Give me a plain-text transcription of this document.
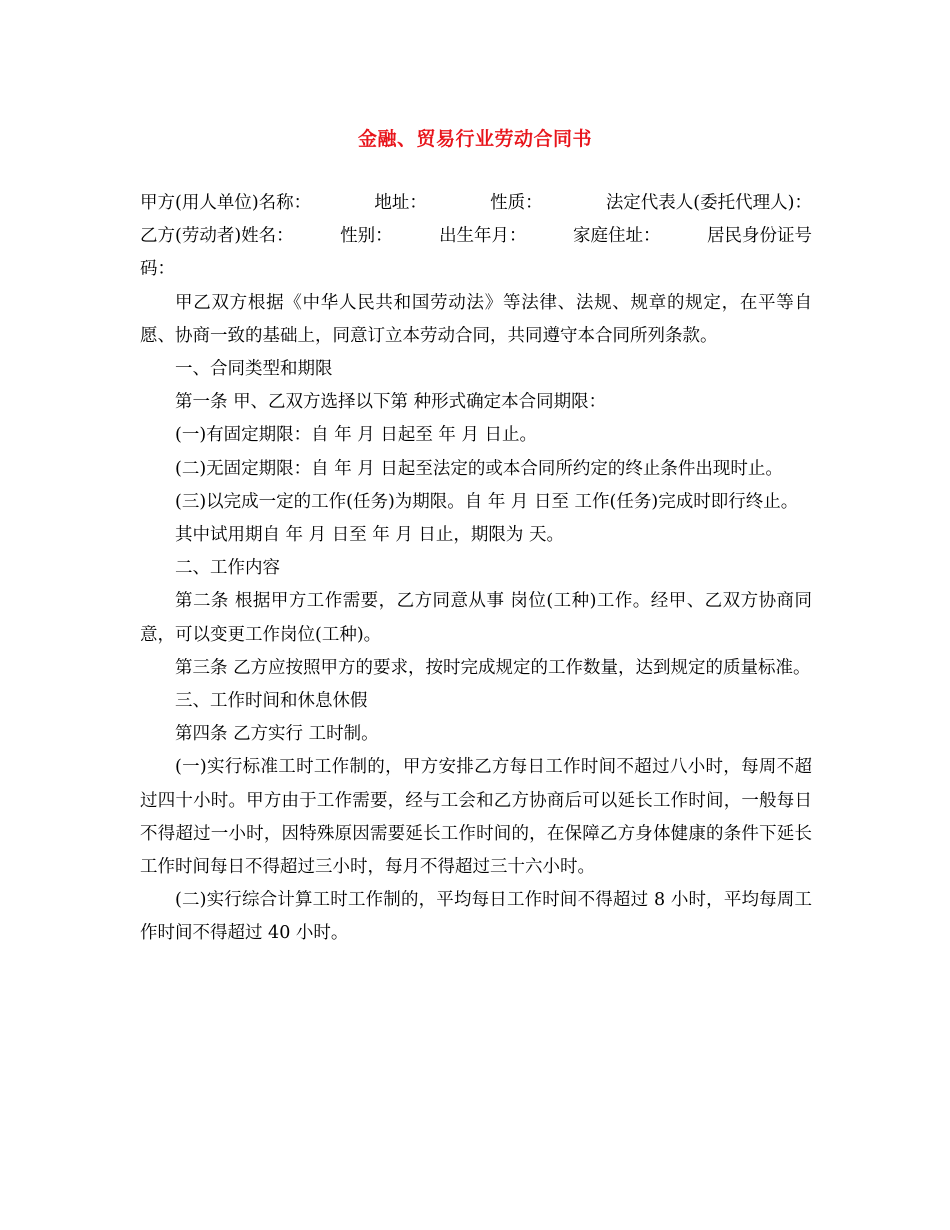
金融、贸易行业劳动合同书
甲方(用人单位)名称：	地址：	性质：	法定代表人(委托代理人)：
乙方(劳动者)姓名：	性别：	出生年月：	家庭住址：	居民身份证号
码：

甲乙双方根据《中华人民共和国劳动法》等法律、法规、规章的规定，在平等自愿、协商一致的基础上，同意订立本劳动合同，共同遵守本合同所列条款。

一、合同类型和期限
第一条 甲、乙双方选择以下第 种形式确定本合同期限：
(一)有固定期限：自 年 月 日起至 年 月 日止。

(二)无固定期限：自 年 月 日起至法定的或本合同所约定的终止条件出现时止。

(三)以完成一定的工作(任务)为期限。自 年 月 日至 工作(任务)完成时即行终止。

其中试用期自 年 月 日至 年 月 日止，期限为 天。
二、工作内容

第二条 根据甲方工作需要，乙方同意从事 岗位(工种)工作。经甲、乙双方协商同意，可以变更工作岗位(工种)。

第三条 乙方应按照甲方的要求，按时完成规定的工作数量，达到规定的质量标准。

三、工作时间和休息休假
第四条 乙方实行 工时制。

(一)实行标准工时工作制的，甲方安排乙方每日工作时间不超过八小时，每周不超过四十小时。甲方由于工作需要，经与工会和乙方协商后可以延长工作时间，一般每日不得超过一小时，因特殊原因需要延长工作时间的，在保障乙方身体健康的条件下延长工作时间每日不得超过三小时，每月不得超过三十六小时。

(二)实行综合计算工时工作制的，平均每日工作时间不得超过 8 小时，平均每周工作时间不得超过 40 小时。
